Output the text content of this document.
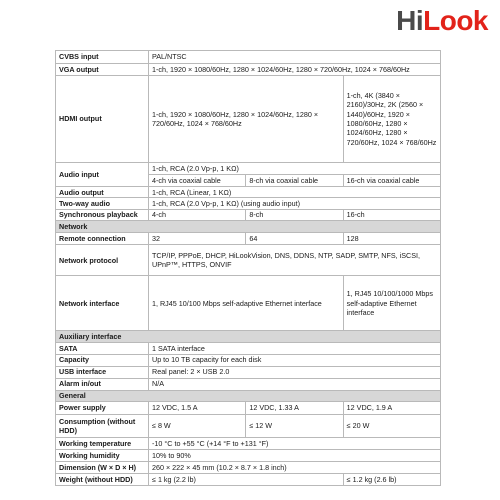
HiLook
CVBS input	PAL/NTSC		
VGA output	1-ch, 1920 × 1080/60Hz, 1280 × 1024/60Hz, 1280 × 720/60Hz, 1024 × 768/60Hz		
HDMI output	1-ch, 1920 × 1080/60Hz, 1280 × 1024/60Hz, 1280 × 720/60Hz, 1024 × 768/60Hz		1-ch, 4K (3840 × 2160)/30Hz, 2K (2560 × 1440)/60Hz, 1920 × 1080/60Hz, 1280 × 1024/60Hz, 1280 × 720/60Hz, 1024 × 768/60Hz
Audio input	1-ch, RCA (2.0 Vp-p, 1 KΩ)		
	4-ch via coaxial cable	8-ch via coaxial cable	16-ch via coaxial cable
Audio output	1-ch, RCA (Linear, 1 KΩ)		
Two-way audio	1-ch, RCA (2.0 Vp-p, 1 KΩ) (using audio input)		
Synchronous playback	4-ch	8-ch	16-ch
Network			
Remote connection	32	64	128
Network protocol	TCP/IP, PPPoE, DHCP, HiLookVision, DNS, DDNS, NTP, SADP, SMTP, NFS, iSCSI, UPnP™, HTTPS, ONVIF		
Network interface	1, RJ45 10/100 Mbps self-adaptive Ethernet interface		1, RJ45 10/100/1000 Mbps self-adaptive Ethernet interface
Auxiliary interface			
SATA	1 SATA interface		
Capacity	Up to 10 TB capacity for each disk		
USB interface	Real panel: 2 × USB 2.0		
Alarm in/out	N/A		
General			
Power supply	12 VDC, 1.5 A	12 VDC, 1.33 A	12 VDC, 1.9 A
Consumption (without HDD)	≤ 8 W	≤ 12 W	≤ 20 W
Working temperature	-10 °C to +55 °C (+14 °F to +131 °F)		
Working humidity	10% to 90%		
Dimension (W × D × H)	260 × 222 × 45 mm (10.2 × 8.7 × 1.8 inch)		
Weight (without HDD)	≤ 1 kg (2.2 lb)		≤ 1.2 kg (2.6 lb)
